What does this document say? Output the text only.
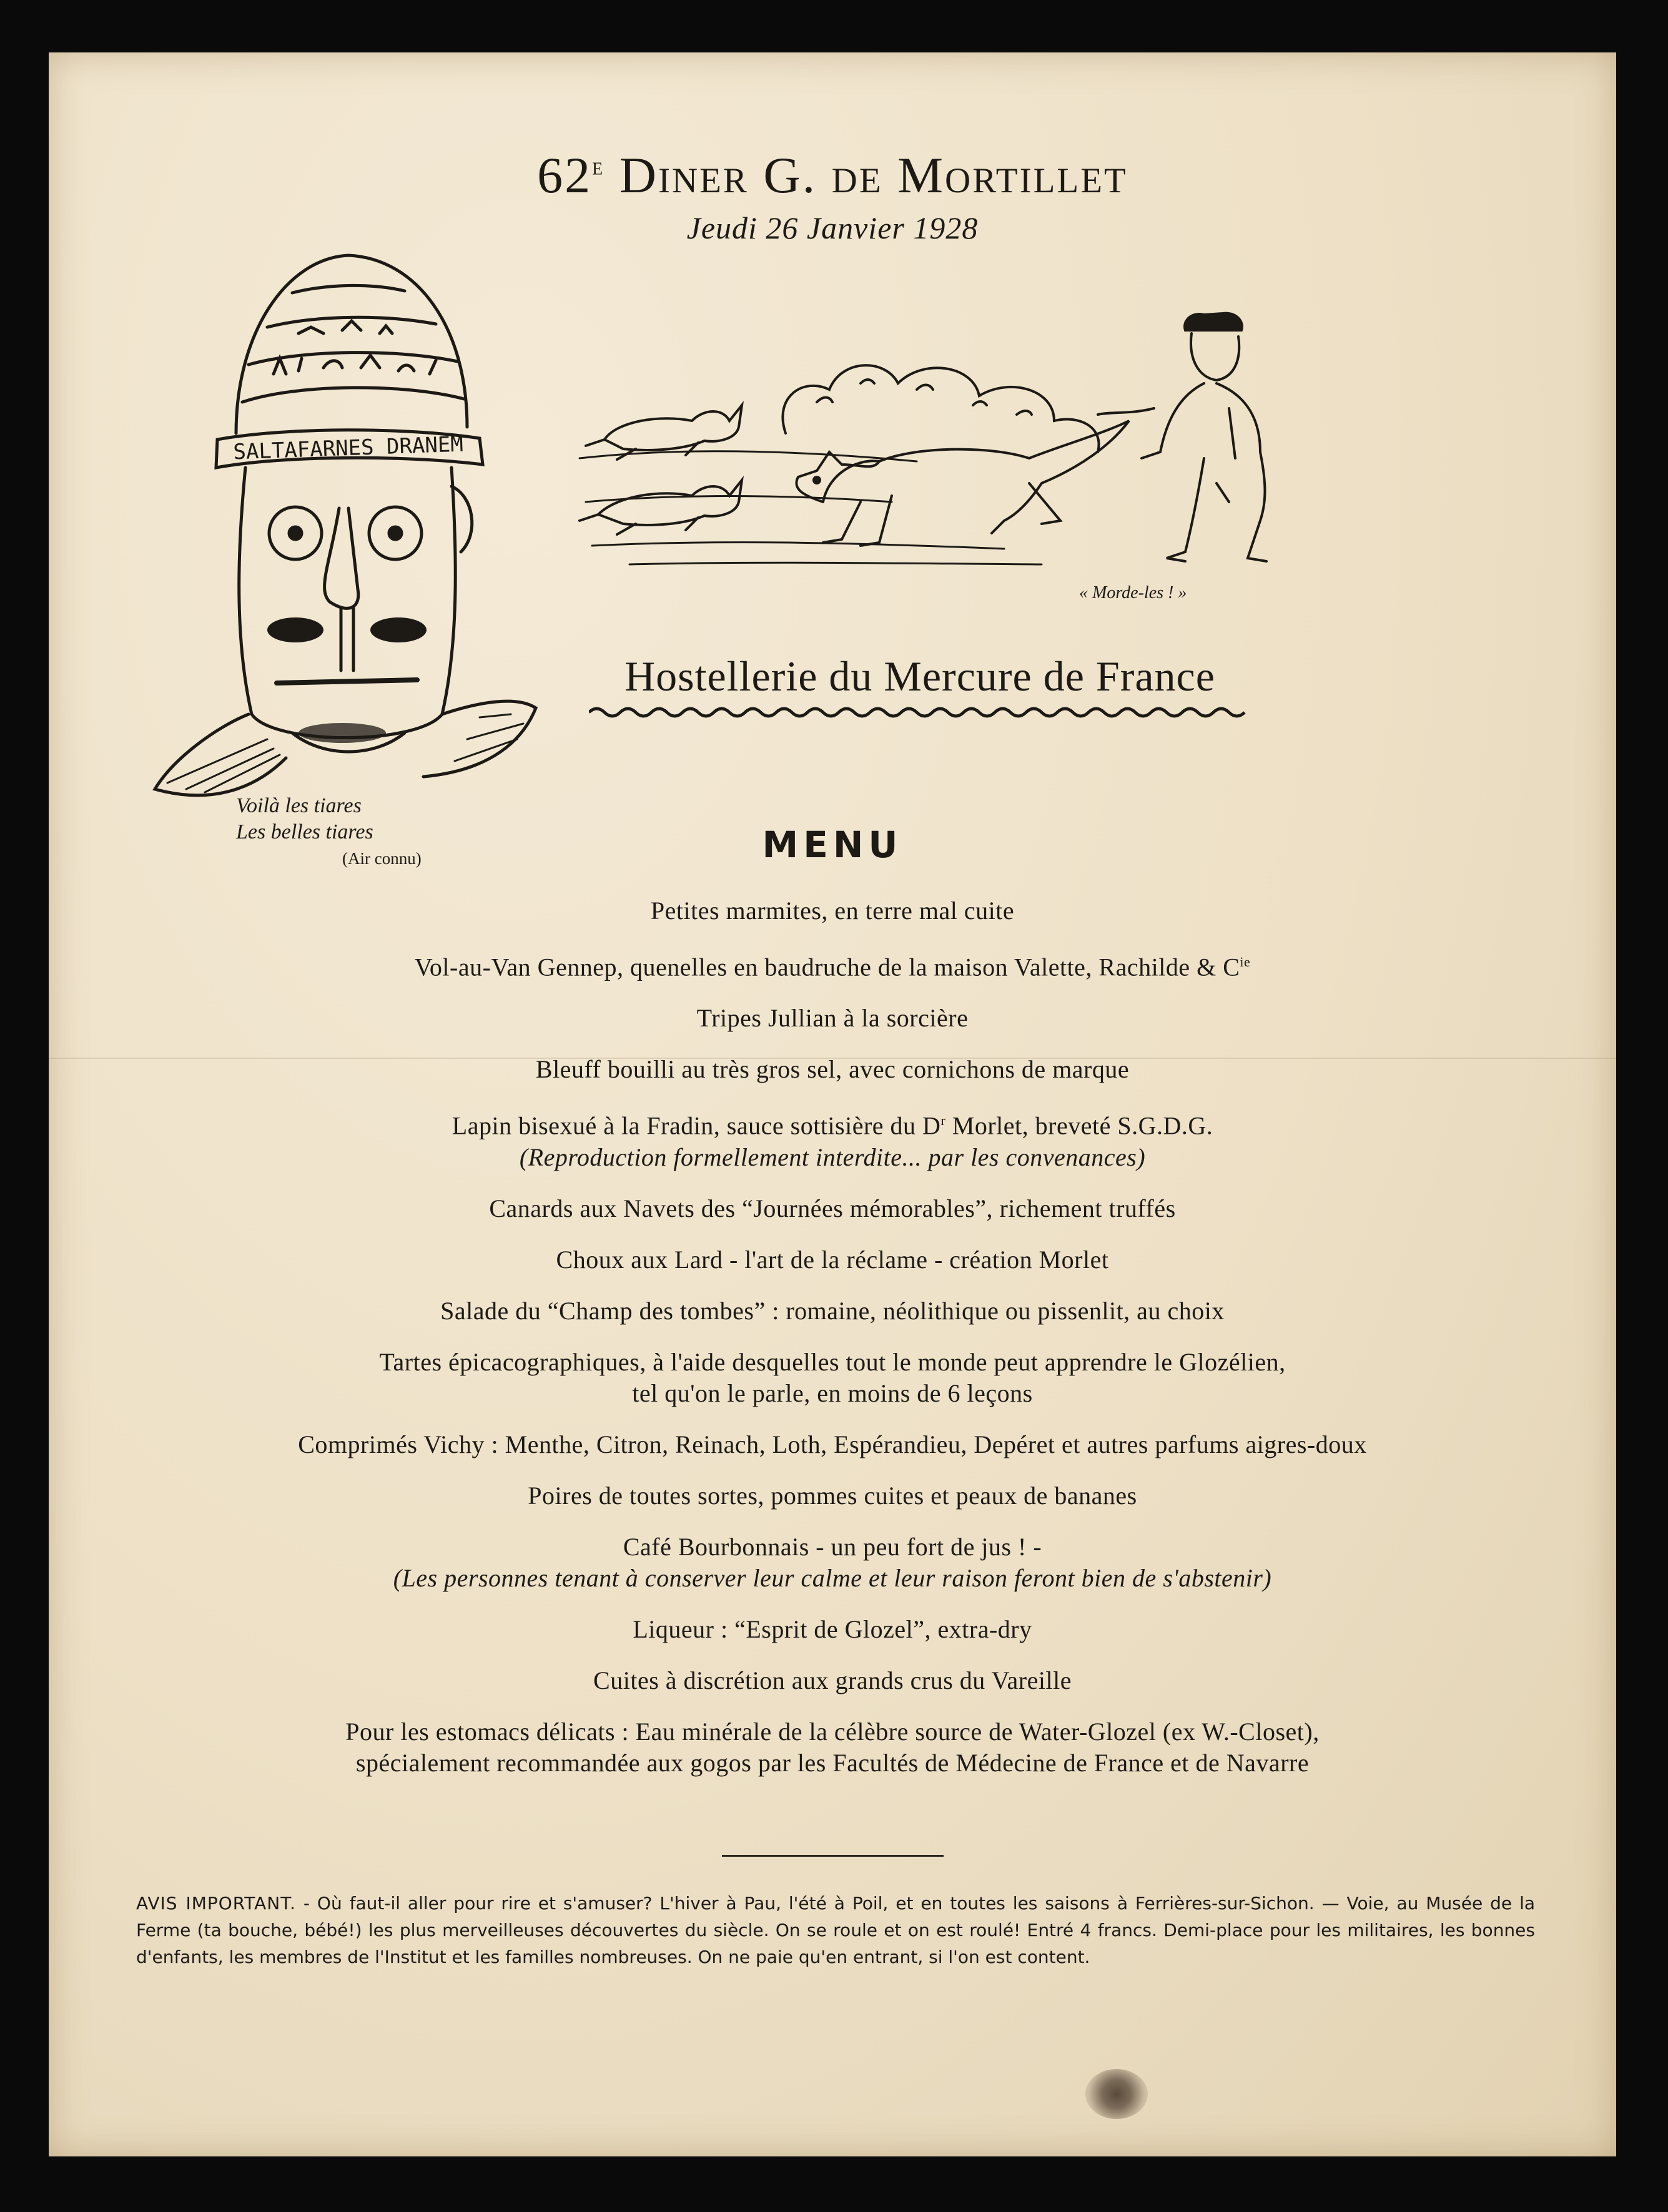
62e Diner G. de Mortillet
Jeudi 26 Janvier 1928
SALTAFARNES DRANEM
Voilà les tiares
Les belles tiares
(Air connu)
« Morde-les ! »
Hostellerie du Mercure de France
MENU
Petites marmites, en terre mal cuite
Vol-au-Van Gennep, quenelles en baudruche de la maison Valette, Rachilde & $C^{ie}$
Tripes Jullian à la sorcière
Bleuff bouilli au très gros sel, avec cornichons de marque
Lapin bisexué à la Fradin, sauce sottisière du $D^r$ Morlet, breveté S.G.D.G.
(Reproduction formellement interdite... par les convenances)
Canards aux Navets des “Journées mémorables”, richement truffés
Choux aux Lard - l'art de la réclame - création Morlet
Salade du “Champ des tombes” : romaine, néolithique ou pissenlit, au choix
Tartes épicacographiques, à l'aide desquelles tout le monde peut apprendre le Glozélien,
tel qu'on le parle, en moins de 6 leçons
Comprimés Vichy : Menthe, Citron, Reinach, Loth, Espérandieu, Depéret et autres parfums aigres-doux
Poires de toutes sortes, pommes cuites et peaux de bananes
Café Bourbonnais - un peu fort de jus ! -
(Les personnes tenant à conserver leur calme et leur raison feront bien de s'abstenir)
Liqueur : “Esprit de Glozel”, extra-dry
Cuites à discrétion aux grands crus du Vareille
Pour les estomacs délicats : Eau minérale de la célèbre source de Water-Glozel (ex W.-Closet),
spécialement recommandée aux gogos par les Facultés de Médecine de France et de Navarre
AVIS IMPORTANT. - Où faut-il aller pour rire et s'amuser? L'hiver à Pau, l'été à Poil, et en toutes les saisons à Ferrières-sur-Sichon. — Voie, au Musée de la Ferme (ta bouche, bébé!) les plus merveilleuses découvertes du siècle. On se roule et on est roulé! Entré 4 francs. Demi-place pour les militaires, les bonnes d'enfants, les membres de l'Institut et les familles nombreuses. On ne paie qu'en entrant, si l'on est content.
